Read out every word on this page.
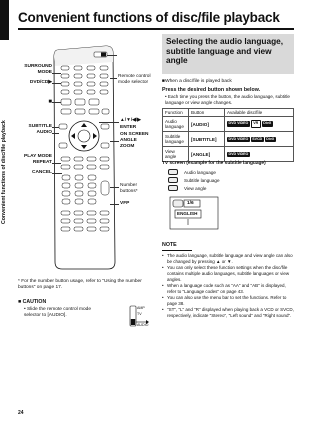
Convenient functions of disc/file playback
Convenient functions of disc/file playback
SURROUND
MODE
DVD/CD▶
■
SUBTITLE
AUDIO
PLAY MODE
REPEAT
CANCEL
Remote control
mode selector
▲/▼/◀/▶
ENTER
ON SCREEN
ANGLE
ZOOM
Number
buttons*
VFP
* For the number button usage, refer to "Using the number buttons" on page 17.
■ CAUTION
• Slide the remote control mode selector to [AUDIO].
AMP
TV
AUDIO
Selecting the audio language, subtitle language and view angle
■When a disc/file is played back
Press the desired button shown below.
• Each time you press the button, the audio language, subtitle language or view angle changes.
Function	Button	Available disc/file
Audio language	[AUDIO]	DVD VIDEO VR DivX
Subtitle language	[SUBTITLE]	DVD VIDEO SVCD DivX
View angle	[ANGLE]	DVD VIDEO
TV screen (example for the subtitle language)
Audio language
Subtitle language
View angle
1/6
ENGLISH
NOTE
• The audio language, subtitle language and view angle can also be changed by pressing ▲ or ▼.
• You can only select these function settings when the disc/file contains multiple audio languages, subtitle languages or view angles.
• When a language code such as "AA" and "AB" is displayed, refer to "Language codes" on page 43.
• You can also use the menu bar to set the functions. Refer to page 38.
• "ST", "L" and "R" displayed when playing back a VCD or SVCD, respectively, indicate "Stereo", "Left sound" and "Right sound".
24
